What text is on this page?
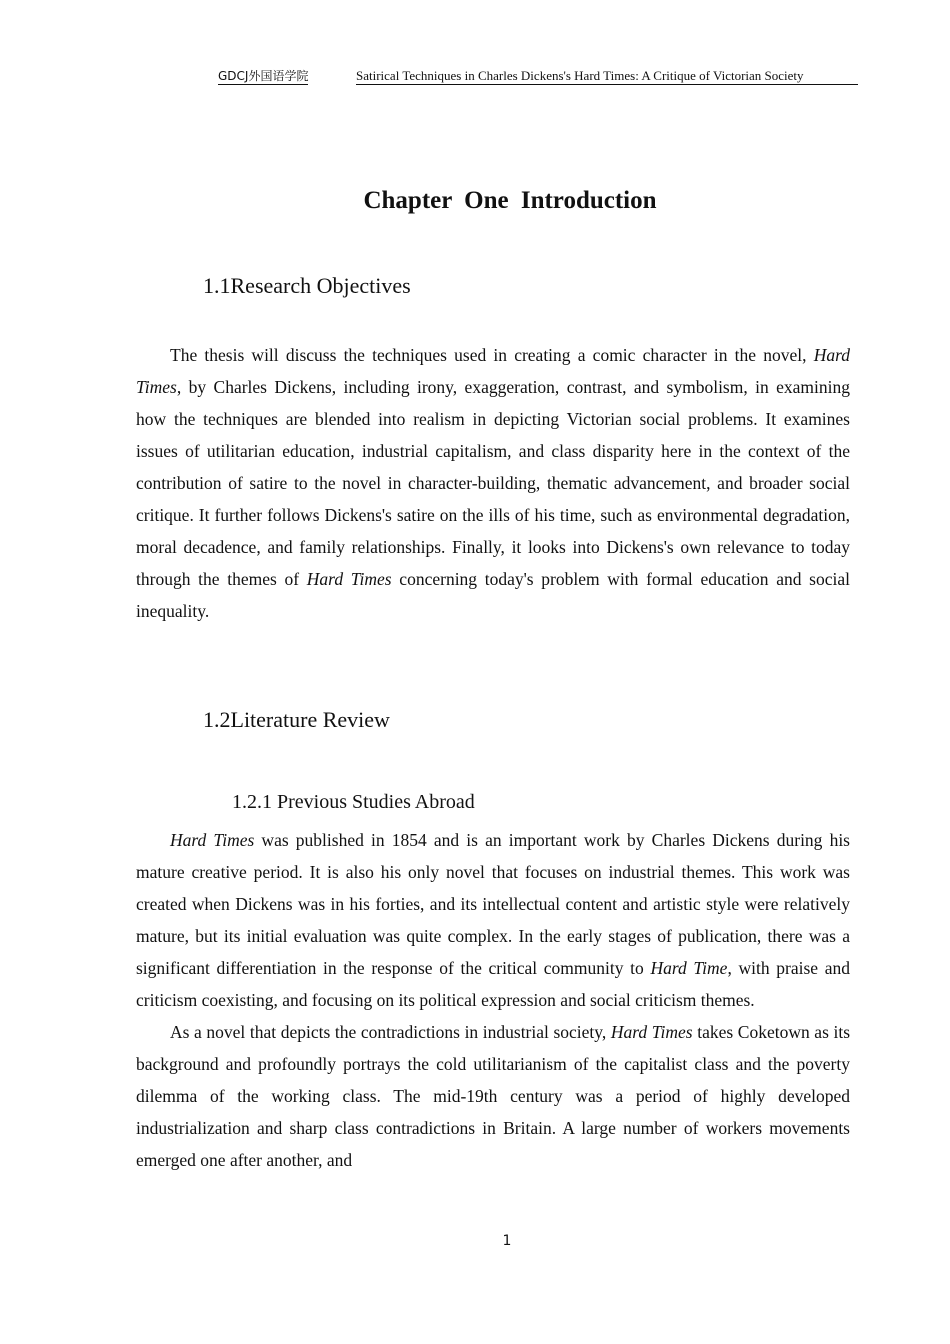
GDCJ外国语学院	Satirical Techniques in Charles Dickens's Hard Times: A Critique of Victorian Society
Chapter One Introduction
1.1Research Objectives

The thesis will discuss the techniques used in creating a comic character in the novel, Hard Times, by Charles Dickens, including irony, exaggeration, contrast, and symbolism, in examining how the techniques are blended into realism in depicting Victorian social problems. It examines issues of utilitarian education, industrial capitalism, and class disparity here in the context of the contribution of satire to the novel in character-building, thematic advancement, and broader social critique. It further follows Dickens's satire on the ills of his time, such as environmental degradation, moral decadence, and family relationships. Finally, it looks into Dickens's own relevance to today through the themes of Hard Times concerning today's problem with formal education and social inequality.

1.2Literature Review
1.2.1 Previous Studies Abroad

Hard Times was published in 1854 and is an important work by Charles Dickens during his mature creative period. It is also his only novel that focuses on industrial themes. This work was created when Dickens was in his forties, and its intellectual content and artistic style were relatively mature, but its initial evaluation was quite complex. In the early stages of publication, there was a significant differentiation in the response of the critical community to Hard Time, with praise and criticism coexisting, and focusing on its political expression and social criticism themes.

As a novel that depicts the contradictions in industrial society, Hard Times takes Coketown as its background and profoundly portrays the cold utilitarianism of the capitalist class and the poverty dilemma of the working class. The mid-19th century was a period of highly developed industrialization and sharp class contradictions in Britain. A large number of workers movements emerged one after another, and

1
